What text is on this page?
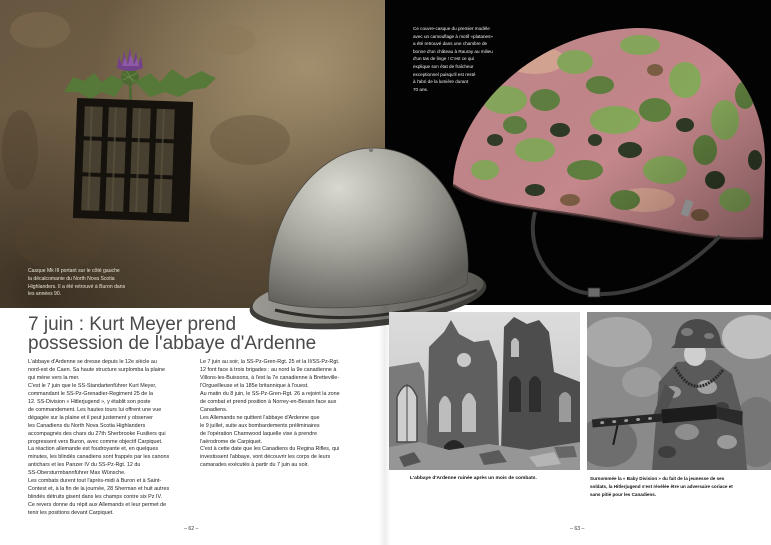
Casque Mk III portant sur le côté gauche
la décalcomanie du North Nova Scotia
Highlanders. Il a été retrouvé à Buron dans
les années 90.
Ce couvre-casque du premier modèle
avec un camouflage à motif «platanes»
a été retrouvé dans une chambre de
bonne d'un château à Rauray au milieu
d'un tas de linge ! C'est ce qui
explique son état de fraîcheur
exceptionnel puisqu'il est resté
à l'abri de la lumière durant
70 ans.
7 juin : Kurt Meyer prend
possession de l'abbaye d'Ardenne
L'abbaye d'Ardenne se dresse depuis le 12e siècle au
nord-est de Caen. Sa haute structure surplomba la plaine
qui mène vers la mer.
C'est le 7 juin que le SS-Standartenführer Kurt Meyer,
commandant le SS-Pz-Grenadier-Regiment 25 de la
12. SS-Division « Hitlerjugend », y établit son poste
de commandement. Les hautes tours lui offrent une vue
dégagée sur la plaine et il peut justement y observer
les Canadiens du North Nova Scotia Highlanders
accompagnés des chars du 27th Sherbrooke Fusiliers qui
progressent vers Buron, avec comme objectif Carpiquet.
La réaction allemande est foudroyante et, en quelques
minutes, les blindés canadiens sont frappés par les canons
antichars et les Panzer IV du SS-Pz-Rgt. 12 du
SS-Obersturmbannführer Max Wünsche.
Les combats durent tout l'après-midi à Buron et à Saint-
Contest et, à la fin de la journée, 28 Sherman et huit autres
blindés détruits gisent dans les champs contre six Pz IV.
Ce revers donne du répit aux Allemands et leur permet de
tenir les positions devant Carpiquet.
Le 7 juin au soir, la SS-Pz-Gren-Rgt. 25 et la II/SS-Pz-Rgt.
12 font face à trois brigades : au nord la 9e canadienne à
Villons-les-Buissons, à l'est la 7e canadienne à Bretteville-
l'Orgueilleuse et la 185e britannique à l'ouest.
Au matin du 8 juin, le SS-Pz-Gren-Rgt. 26 a rejoint la zone
de combat et prend position à Norrey-en-Bessin face aux
Canadiens.
Les Allemands ne quittent l'abbaye d'Ardenne que
le 9 juillet, suite aux bombardements préliminaires
de l'opération Charnwood laquelle vise à prendre
l'aérodrome de Carpiquet.
C'est à cette date que les Canadiens du Regina Rifles, qui
investissent l'abbaye, vont découvrir les corps de leurs
camarades exécutés à partir du 7 juin au soir.
L'abbaye d'Ardenne ruinée après un mois de combats.	Surnommée la « Baby Division » du fait de la jeunesse de ses
soldats, la Hitlerjugend s'est révélée être un adversaire coriace et
sans pitié pour les Canadiens.
– 62 –	– 63 –
